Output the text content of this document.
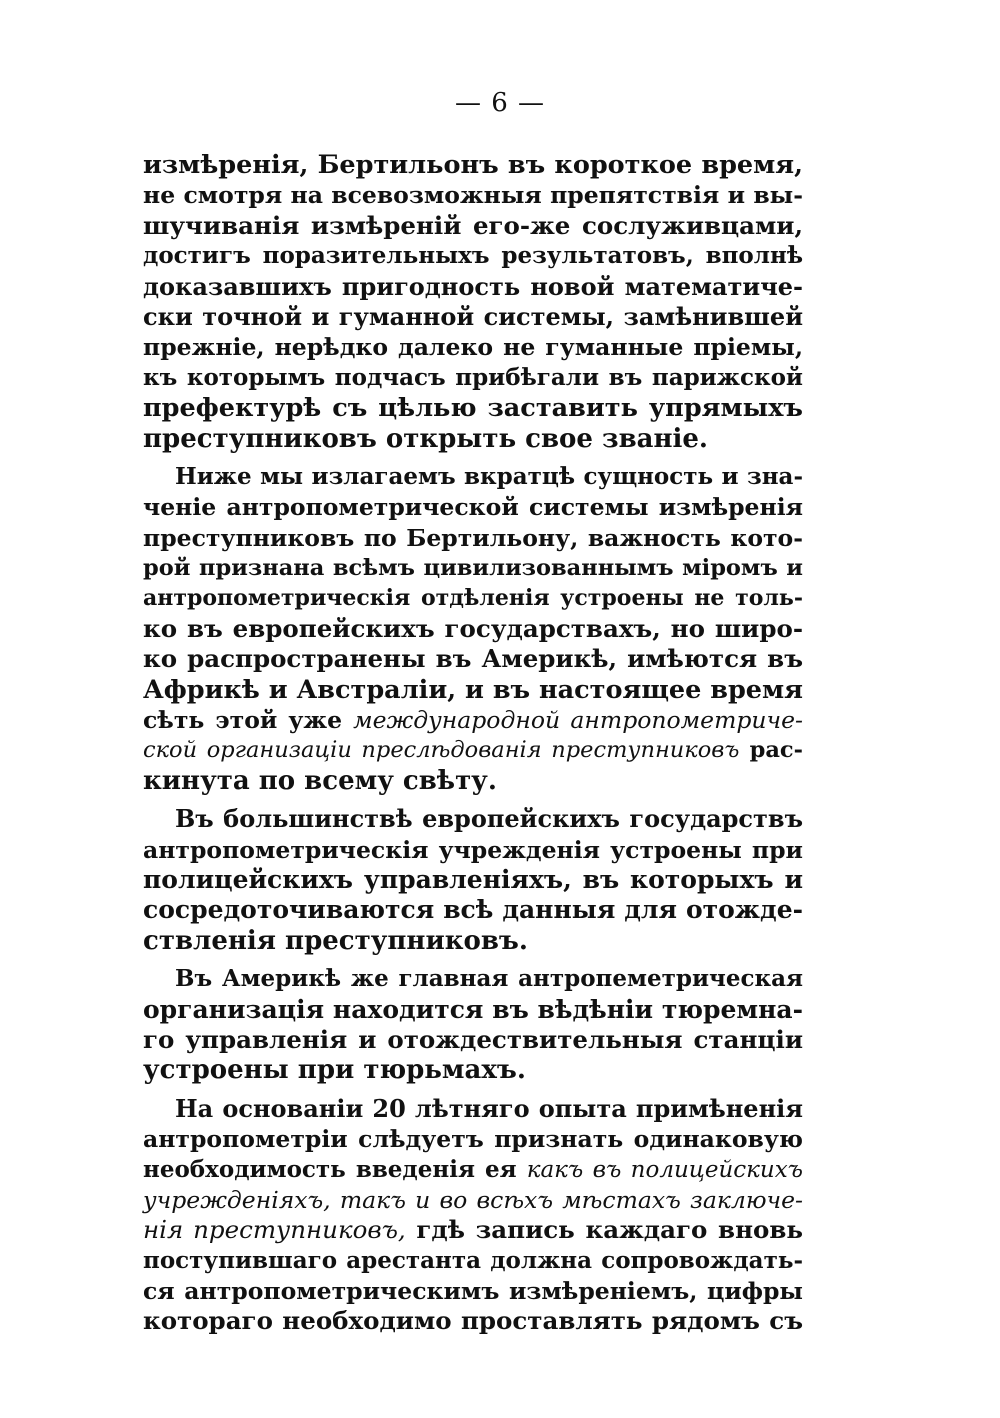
— 6 —
измѣренія, Бертильонъ въ короткое время,
не смотря на всевозможныя препятствія и вы-
шучиванія измѣреній его-же сослуживцами,
достигъ поразительныхъ результатовъ, вполнѣ
доказавшихъ пригодность новой математиче-
ски точной и гуманной системы, замѣнившей
прежніе, нерѣдко далеко не гуманные пріемы,
къ которымъ подчасъ прибѣгали въ парижской
префектурѣ съ цѣлью заставить упрямыхъ
преступниковъ открыть свое званіе.
Ниже мы излагаемъ вкратцѣ сущность и зна-
ченіе антропометрической системы измѣренія
преступниковъ по Бертильону, важность кото-
рой признана всѣмъ цивилизованнымъ міромъ и
антропометрическія отдѣленія устроены не толь-
ко въ европейскихъ государствахъ, но широ-
ко распространены въ Америкѣ, имѣются въ
Африкѣ и Австраліи, и въ настоящее время
сѣть этой уже международной антропометриче-
ской организаціи преслѣдованія преступниковъ рас-
кинута по всему свѣту.
Въ большинствѣ европейскихъ государствъ
антропометрическія учрежденія устроены при
полицейскихъ управленіяхъ, въ которыхъ и
сосредоточиваются всѣ данныя для отожде-
ствленія преступниковъ.
Въ Америкѣ же главная антропеметрическая
организація находится въ вѣдѣніи тюремна-
го управленія и отождествительныя станціи
устроены при тюрьмахъ.
На основаніи 20 лѣтняго опыта примѣненія
антропометріи слѣдуетъ признать одинаковую
необходимость введенія ея какъ въ полицейскихъ
учрежденіяхъ, такъ и во всѣхъ мѣстахъ заключе-
нія преступниковъ, гдѣ запись каждаго вновь
поступившаго арестанта должна сопровождать-
ся антропометрическимъ измѣреніемъ, цифры
котораго необходимо проставлять рядомъ съ
